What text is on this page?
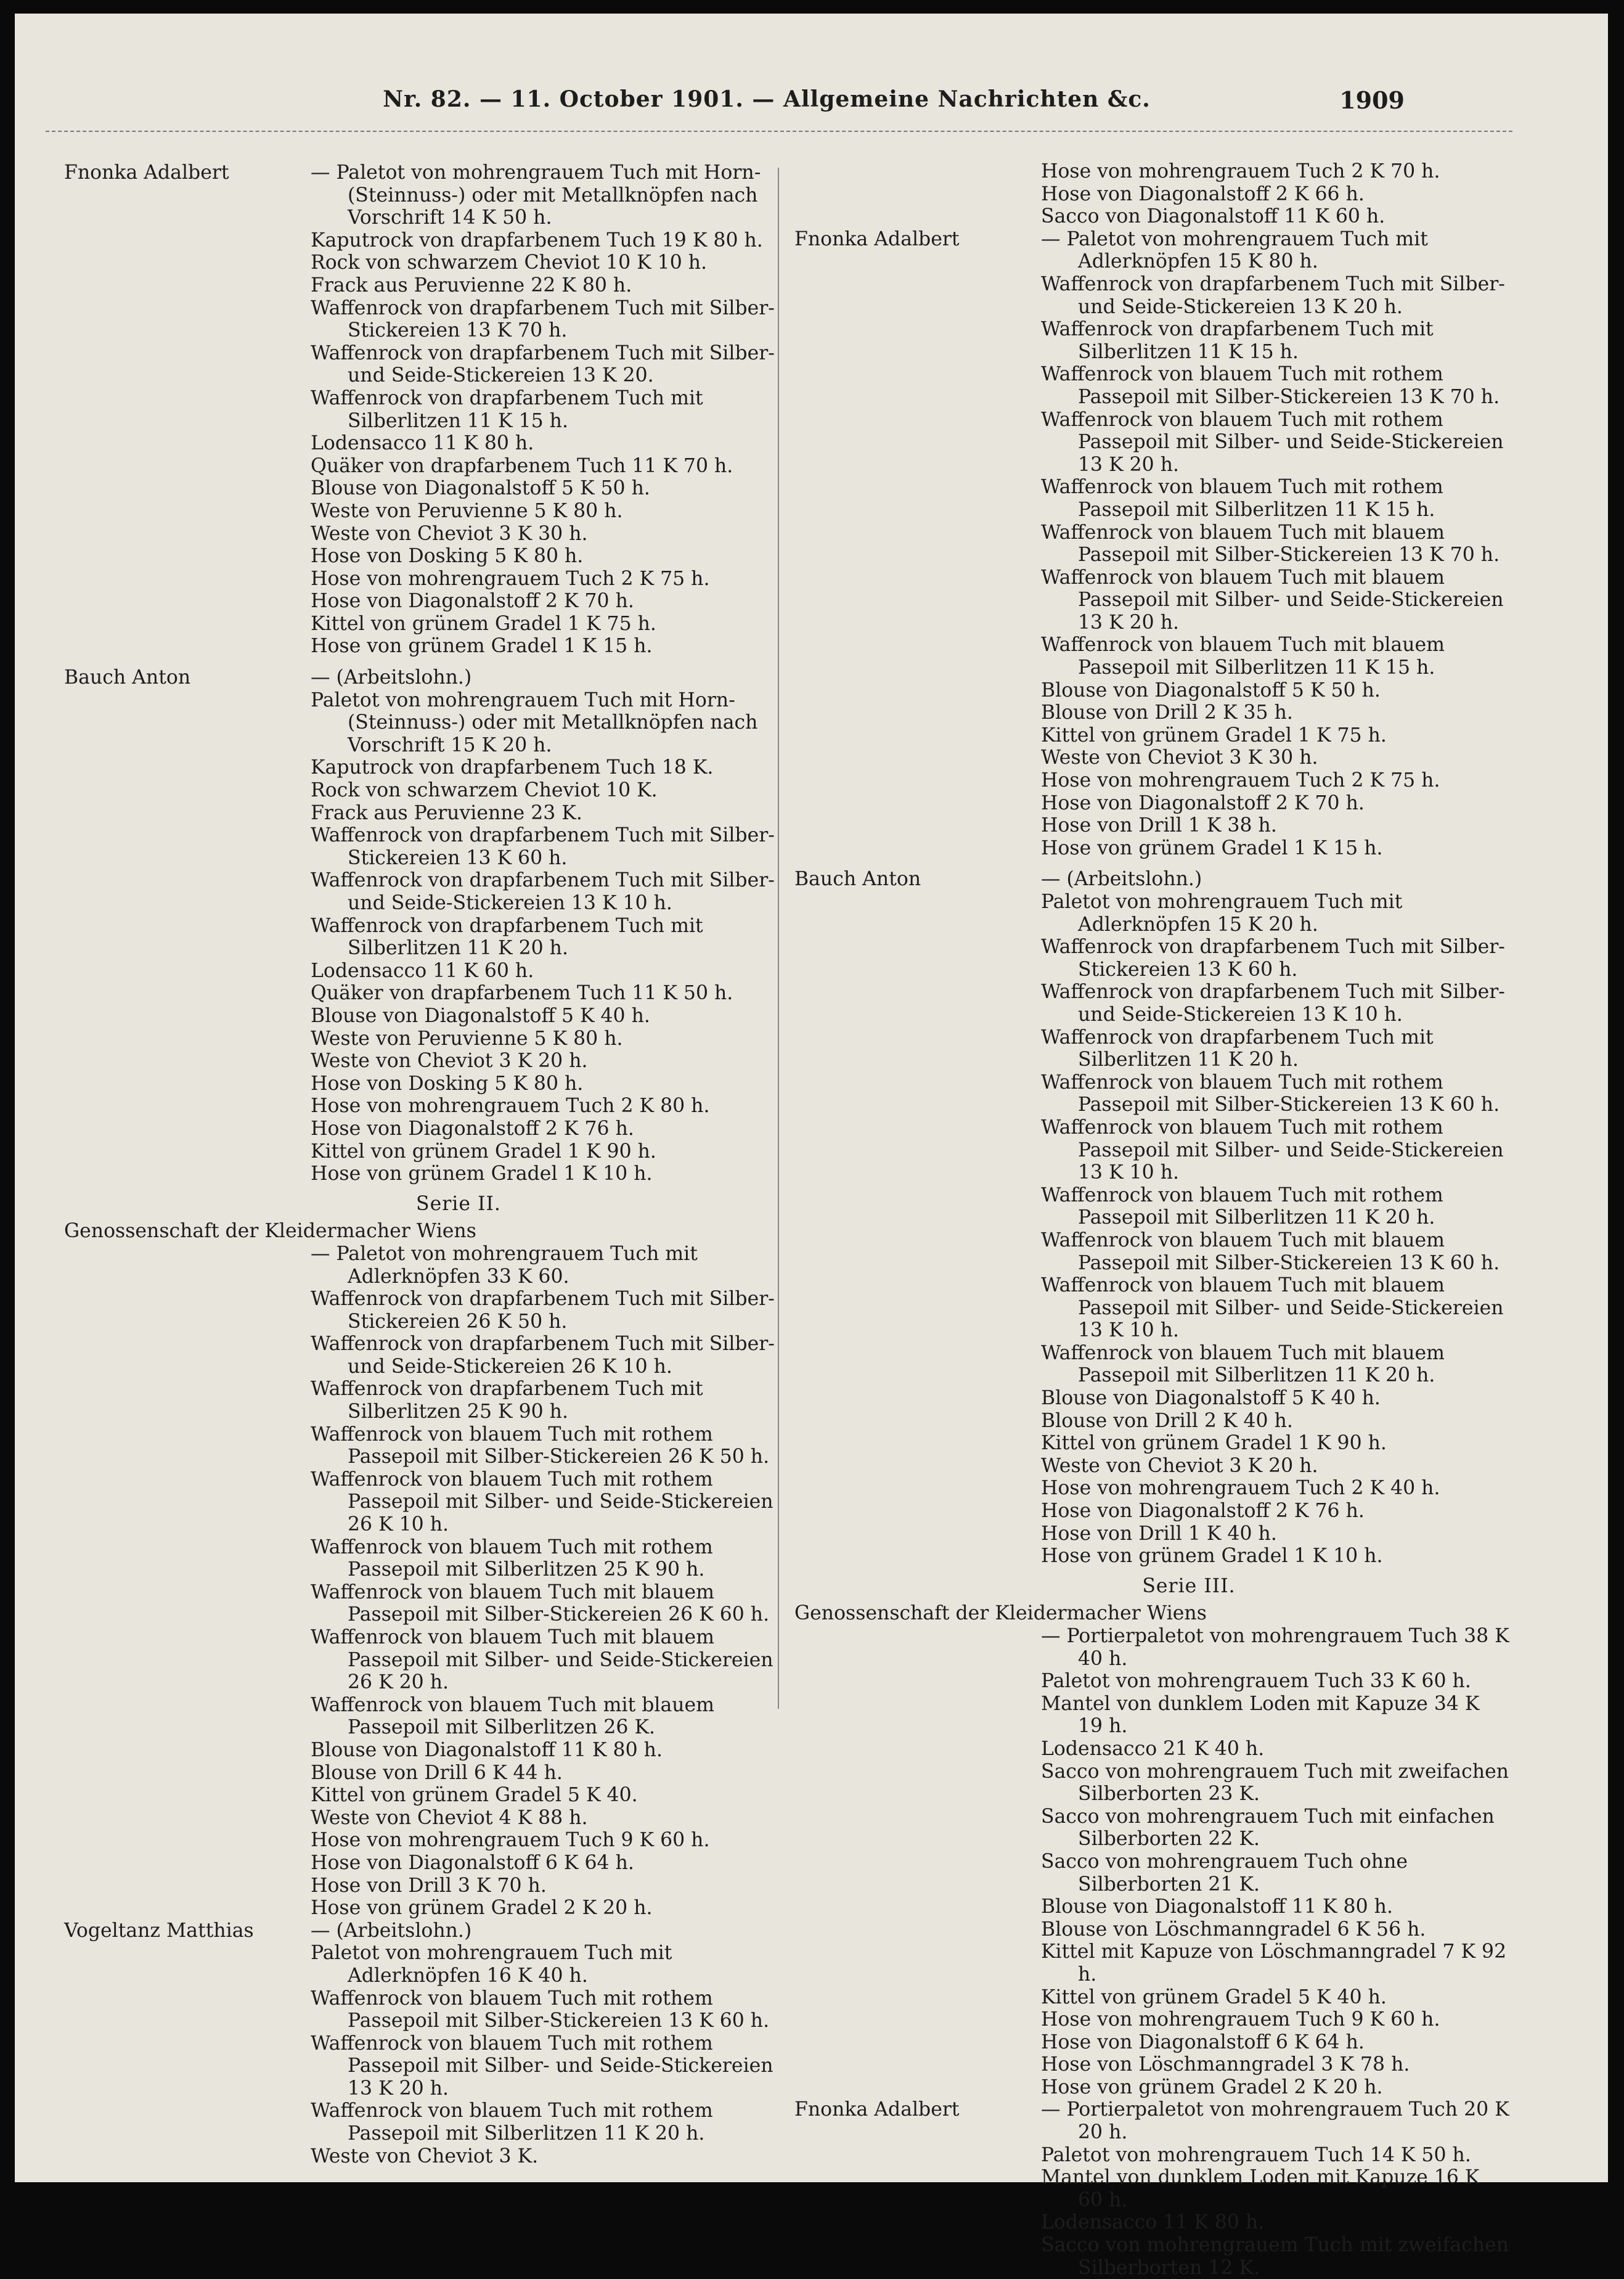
Nr. 82. — 11. October 1901. — Allgemeine Nachrichten &c.	1909
Fnonka Adalbert	— Paletot von mohrengrauem Tuch mit Horn- (Steinnuss-) oder mit Metallknöpfen nach Vorschrift 14 K 50 h.
Kaputrock von drapfarbenem Tuch 19 K 80 h.
Rock von schwarzem Cheviot 10 K 10 h.
Frack aus Peruvienne 22 K 80 h.
Waffenrock von drapfarbenem Tuch mit Silber-Stickereien 13 K 70 h.
Waffenrock von drapfarbenem Tuch mit Silber- und Seide-Stickereien 13 K 20.
Waffenrock von drapfarbenem Tuch mit Silberlitzen 11 K 15 h.
Lodensacco 11 K 80 h.
Quäker von drapfarbenem Tuch 11 K 70 h.
Blouse von Diagonalstoff 5 K 50 h.
Weste von Peruvienne 5 K 80 h.
Weste von Cheviot 3 K 30 h.
Hose von Dosking 5 K 80 h.
Hose von mohrengrauem Tuch 2 K 75 h.
Hose von Diagonalstoff 2 K 70 h.
Kittel von grünem Gradel 1 K 75 h.
Hose von grünem Gradel 1 K 15 h.
Bauch Anton	— (Arbeitslohn.)
Paletot von mohrengrauem Tuch mit Horn- (Steinnuss-) oder mit Metallknöpfen nach Vorschrift 15 K 20 h.
Kaputrock von drapfarbenem Tuch 18 K.
Rock von schwarzem Cheviot 10 K.
Frack aus Peruvienne 23 K.
Waffenrock von drapfarbenem Tuch mit Silber-Stickereien 13 K 60 h.
Waffenrock von drapfarbenem Tuch mit Silber- und Seide-Stickereien 13 K 10 h.
Waffenrock von drapfarbenem Tuch mit Silberlitzen 11 K 20 h.
Lodensacco 11 K 60 h.
Quäker von drapfarbenem Tuch 11 K 50 h.
Blouse von Diagonalstoff 5 K 40 h.
Weste von Peruvienne 5 K 80 h.
Weste von Cheviot 3 K 20 h.
Hose von Dosking 5 K 80 h.
Hose von mohrengrauem Tuch 2 K 80 h.
Hose von Diagonalstoff 2 K 76 h.
Kittel von grünem Gradel 1 K 90 h.
Hose von grünem Gradel 1 K 10 h.
Serie II.
Genossenschaft der Kleidermacher Wiens
— Paletot von mohrengrauem Tuch mit Adlerknöpfen 33 K 60.
Waffenrock von drapfarbenem Tuch mit Silber-Stickereien 26 K 50 h.
Waffenrock von drapfarbenem Tuch mit Silber- und Seide-Stickereien 26 K 10 h.
Waffenrock von drapfarbenem Tuch mit Silberlitzen 25 K 90 h.
Waffenrock von blauem Tuch mit rothem Passepoil mit Silber-Stickereien 26 K 50 h.
Waffenrock von blauem Tuch mit rothem Passepoil mit Silber- und Seide-Stickereien 26 K 10 h.
Waffenrock von blauem Tuch mit rothem Passepoil mit Silberlitzen 25 K 90 h.
Waffenrock von blauem Tuch mit blauem Passepoil mit Silber-Stickereien 26 K 60 h.
Waffenrock von blauem Tuch mit blauem Passepoil mit Silber- und Seide-Stickereien 26 K 20 h.
Waffenrock von blauem Tuch mit blauem Passepoil mit Silberlitzen 26 K.
Blouse von Diagonalstoff 11 K 80 h.
Blouse von Drill 6 K 44 h.
Kittel von grünem Gradel 5 K 40.
Weste von Cheviot 4 K 88 h.
Hose von mohrengrauem Tuch 9 K 60 h.
Hose von Diagonalstoff 6 K 64 h.
Hose von Drill 3 K 70 h.
Hose von grünem Gradel 2 K 20 h.
Vogeltanz Matthias	— (Arbeitslohn.)
Paletot von mohrengrauem Tuch mit Adlerknöpfen 16 K 40 h.
Waffenrock von blauem Tuch mit rothem Passepoil mit Silber-Stickereien 13 K 60 h.
Waffenrock von blauem Tuch mit rothem Passepoil mit Silber- und Seide-Stickereien 13 K 20 h.
Waffenrock von blauem Tuch mit rothem Passepoil mit Silberlitzen 11 K 20 h.
Weste von Cheviot 3 K.
Hose von mohrengrauem Tuch 2 K 70 h.
Hose von Diagonalstoff 2 K 66 h.
Sacco von Diagonalstoff 11 K 60 h.
Fnonka Adalbert	— Paletot von mohrengrauem Tuch mit Adlerknöpfen 15 K 80 h.
Waffenrock von drapfarbenem Tuch mit Silber- und Seide-Stickereien 13 K 20 h.
Waffenrock von drapfarbenem Tuch mit Silberlitzen 11 K 15 h.
Waffenrock von blauem Tuch mit rothem Passepoil mit Silber-Stickereien 13 K 70 h.
Waffenrock von blauem Tuch mit rothem Passepoil mit Silber- und Seide-Stickereien 13 K 20 h.
Waffenrock von blauem Tuch mit rothem Passepoil mit Silberlitzen 11 K 15 h.
Waffenrock von blauem Tuch mit blauem Passepoil mit Silber-Stickereien 13 K 70 h.
Waffenrock von blauem Tuch mit blauem Passepoil mit Silber- und Seide-Stickereien 13 K 20 h.
Waffenrock von blauem Tuch mit blauem Passepoil mit Silberlitzen 11 K 15 h.
Blouse von Diagonalstoff 5 K 50 h.
Blouse von Drill 2 K 35 h.
Kittel von grünem Gradel 1 K 75 h.
Weste von Cheviot 3 K 30 h.
Hose von mohrengrauem Tuch 2 K 75 h.
Hose von Diagonalstoff 2 K 70 h.
Hose von Drill 1 K 38 h.
Hose von grünem Gradel 1 K 15 h.
Bauch Anton	— (Arbeitslohn.)
Paletot von mohrengrauem Tuch mit Adlerknöpfen 15 K 20 h.
Waffenrock von drapfarbenem Tuch mit Silber-Stickereien 13 K 60 h.
Waffenrock von drapfarbenem Tuch mit Silber- und Seide-Stickereien 13 K 10 h.
Waffenrock von drapfarbenem Tuch mit Silberlitzen 11 K 20 h.
Waffenrock von blauem Tuch mit rothem Passepoil mit Silber-Stickereien 13 K 60 h.
Waffenrock von blauem Tuch mit rothem Passepoil mit Silber- und Seide-Stickereien 13 K 10 h.
Waffenrock von blauem Tuch mit rothem Passepoil mit Silberlitzen 11 K 20 h.
Waffenrock von blauem Tuch mit blauem Passepoil mit Silber-Stickereien 13 K 60 h.
Waffenrock von blauem Tuch mit blauem Passepoil mit Silber- und Seide-Stickereien 13 K 10 h.
Waffenrock von blauem Tuch mit blauem Passepoil mit Silberlitzen 11 K 20 h.
Blouse von Diagonalstoff 5 K 40 h.
Blouse von Drill 2 K 40 h.
Kittel von grünem Gradel 1 K 90 h.
Weste von Cheviot 3 K 20 h.
Hose von mohrengrauem Tuch 2 K 40 h.
Hose von Diagonalstoff 2 K 76 h.
Hose von Drill 1 K 40 h.
Hose von grünem Gradel 1 K 10 h.
Serie III.
Genossenschaft der Kleidermacher Wiens
— Portierpaletot von mohrengrauem Tuch 38 K 40 h.
Paletot von mohrengrauem Tuch 33 K 60 h.
Mantel von dunklem Loden mit Kapuze 34 K 19 h.
Lodensacco 21 K 40 h.
Sacco von mohrengrauem Tuch mit zweifachen Silberborten 23 K.
Sacco von mohrengrauem Tuch mit einfachen Silberborten 22 K.
Sacco von mohrengrauem Tuch ohne Silberborten 21 K.
Blouse von Diagonalstoff 11 K 80 h.
Blouse von Löschmanngradel 6 K 56 h.
Kittel mit Kapuze von Löschmanngradel 7 K 92 h.
Kittel von grünem Gradel 5 K 40 h.
Hose von mohrengrauem Tuch 9 K 60 h.
Hose von Diagonalstoff 6 K 64 h.
Hose von Löschmanngradel 3 K 78 h.
Hose von grünem Gradel 2 K 20 h.
Fnonka Adalbert	— Portierpaletot von mohrengrauem Tuch 20 K 20 h.
Paletot von mohrengrauem Tuch 14 K 50 h.
Mantel von dunklem Loden mit Kapuze 16 K 60 h.
Lodensacco 11 K 80 h.
Sacco von mohrengrauem Tuch mit zweifachen Silberborten 12 K.
